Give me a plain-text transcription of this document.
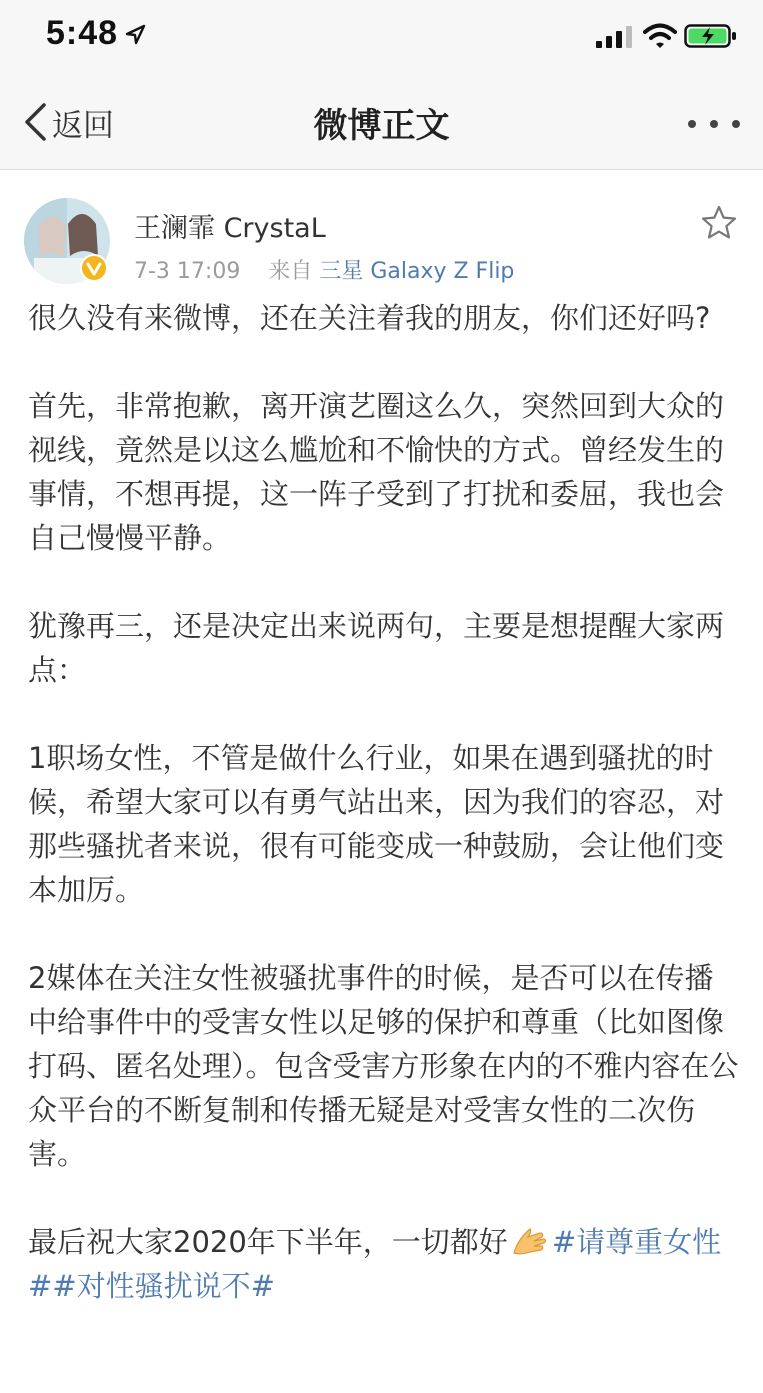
5:48
返回	微博正文
王澜霏 CrystaL
7-3 17:09 来自 三星 Galaxy Z Flip

很久没有来微博，还在关注着我的朋友，你们还好吗?

首先，非常抱歉，离开演艺圈这么久，突然回到大众的视线，竟然是以这么尴尬和不愉快的方式。曾经发生的事情，不想再提，这一阵子受到了打扰和委屈，我也会自己慢慢平静。

犹豫再三，还是决定出来说两句，主要是想提醒大家两点：

1职场女性，不管是做什么行业，如果在遇到骚扰的时候，希望大家可以有勇气站出来，因为我们的容忍，对那些骚扰者来说，很有可能变成一种鼓励，会让他们变本加厉。

2媒体在关注女性被骚扰事件的时候，是否可以在传播中给事件中的受害女性以足够的保护和尊重（比如图像打码、匿名处理）。包含受害方形象在内的不雅内容在公众平台的不断复制和传播无疑是对受害女性的二次伤害。

最后祝大家2020年下半年，一切都好 #请尊重女性##对性骚扰说不#
